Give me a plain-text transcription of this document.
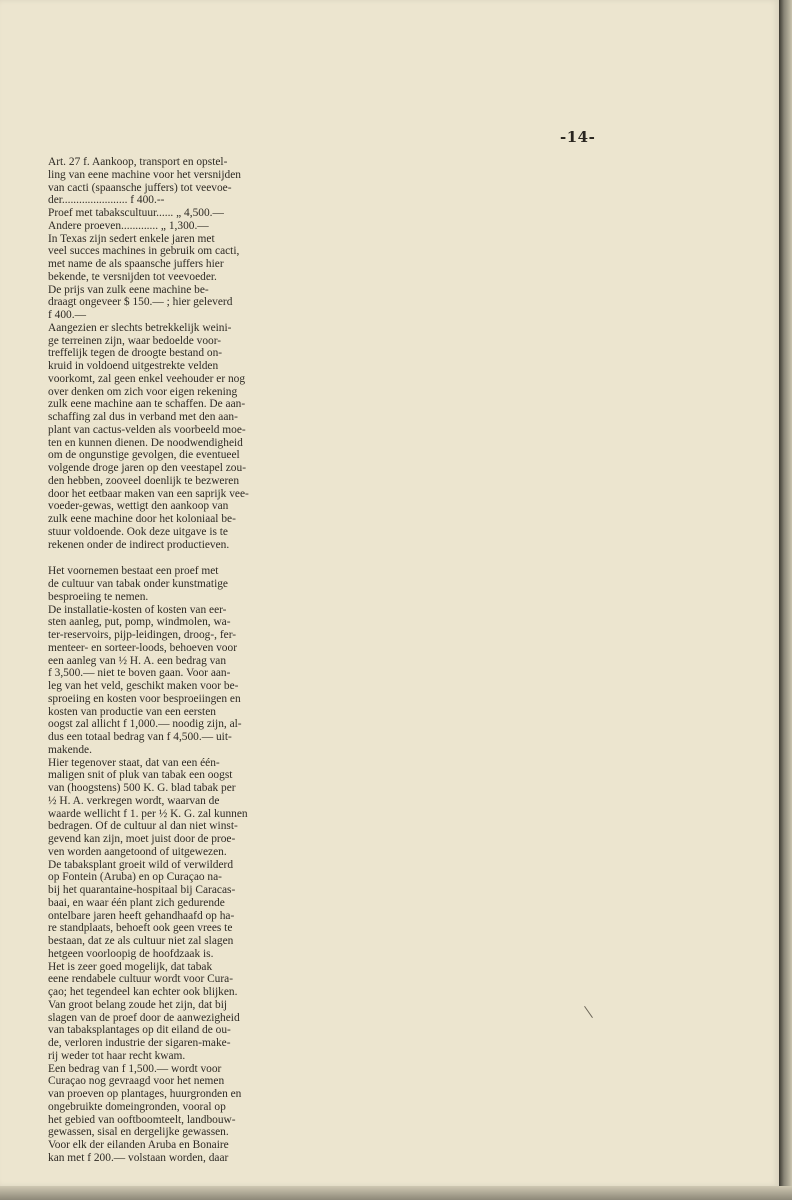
-14-
Art. 27 f. Aankoop, transport en opstel-
ling van eene machine voor het versnijden
van cacti (spaansche juffers) tot veevoe-
der....................... f 400.--
Proef met tabakscultuur...... „ 4,500.—
Andere proeven............. „ 1,300.—
In Texas zijn sedert enkele jaren met
veel succes machines in gebruik om cacti,
met name de als spaansche juffers hier
bekende, te versnijden tot veevoeder.
De prijs van zulk eene machine be-
draagt ongeveer $ 150.— ; hier geleverd
f 400.—
Aangezien er slechts betrekkelijk weini-
ge terreinen zijn, waar bedoelde voor-
treffelijk tegen de droogte bestand on-
kruid in voldoend uitgestrekte velden
voorkomt, zal geen enkel veehouder er nog
over denken om zich voor eigen rekening
zulk eene machine aan te schaffen. De aan-
schaffing zal dus in verband met den aan-
plant van cactus-velden als voorbeeld moe-
ten en kunnen dienen. De noodwendigheid
om de ongunstige gevolgen, die eventueel
volgende droge jaren op den veestapel zou-
den hebben, zooveel doenlijk te bezweren
door het eetbaar maken van een saprijk vee-
voeder-gewas, wettigt den aankoop van
zulk eene machine door het koloniaal be-
stuur voldoende. Ook deze uitgave is te
rekenen onder de indirect productieven.
Het voornemen bestaat een proef met
de cultuur van tabak onder kunstmatige
besproeiing te nemen.
De installatie-kosten of kosten van eer-
sten aanleg, put, pomp, windmolen, wa-
ter-reservoirs, pijp-leidingen, droog-, fer-
menteer- en sorteer-loods, behoeven voor
een aanleg van ½ H. A. een bedrag van
f 3,500.— niet te boven gaan. Voor aan-
leg van het veld, geschikt maken voor be-
sproeiing en kosten voor besproeiingen en
kosten van productie van een eersten
oogst zal allicht f 1,000.— noodig zijn, al-
dus een totaal bedrag van f 4,500.— uit-
makende.
Hier tegenover staat, dat van een één-
maligen snit of pluk van tabak een oogst
van (hoogstens) 500 K. G. blad tabak per
½ H. A. verkregen wordt, waarvan de
waarde wellicht f 1. per ½ K. G. zal kunnen
bedragen. Of de cultuur al dan niet winst-
gevend kan zijn, moet juist door de proe-
ven worden aangetoond of uitgewezen.
De tabaksplant groeit wild of verwilderd
op Fontein (Aruba) en op Curaçao na-
bij het quarantaine-hospitaal bij Caracas-
baai, en waar één plant zich gedurende
ontelbare jaren heeft gehandhaafd op ha-
re standplaats, behoeft ook geen vrees te
bestaan, dat ze als cultuur niet zal slagen
hetgeen voorloopig de hoofdzaak is.
Het is zeer goed mogelijk, dat tabak
eene rendabele cultuur wordt voor Cura-
çao; het tegendeel kan echter ook blijken.
Van groot belang zoude het zijn, dat bij
slagen van de proef door de aanwezigheid
van tabaksplantages op dit eiland de ou-
de, verloren industrie der sigaren-make-
rij weder tot haar recht kwam.
Een bedrag van f 1,500.— wordt voor
Curaçao nog gevraagd voor het nemen
van proeven op plantages, huurgronden en
ongebruikte domeingronden, vooral op
het gebied van ooftboomteelt, landbouw-
gewassen, sisal en dergelijke gewassen.
Voor elk der eilanden Aruba en Bonaire
kan met f 200.— volstaan worden, daar
